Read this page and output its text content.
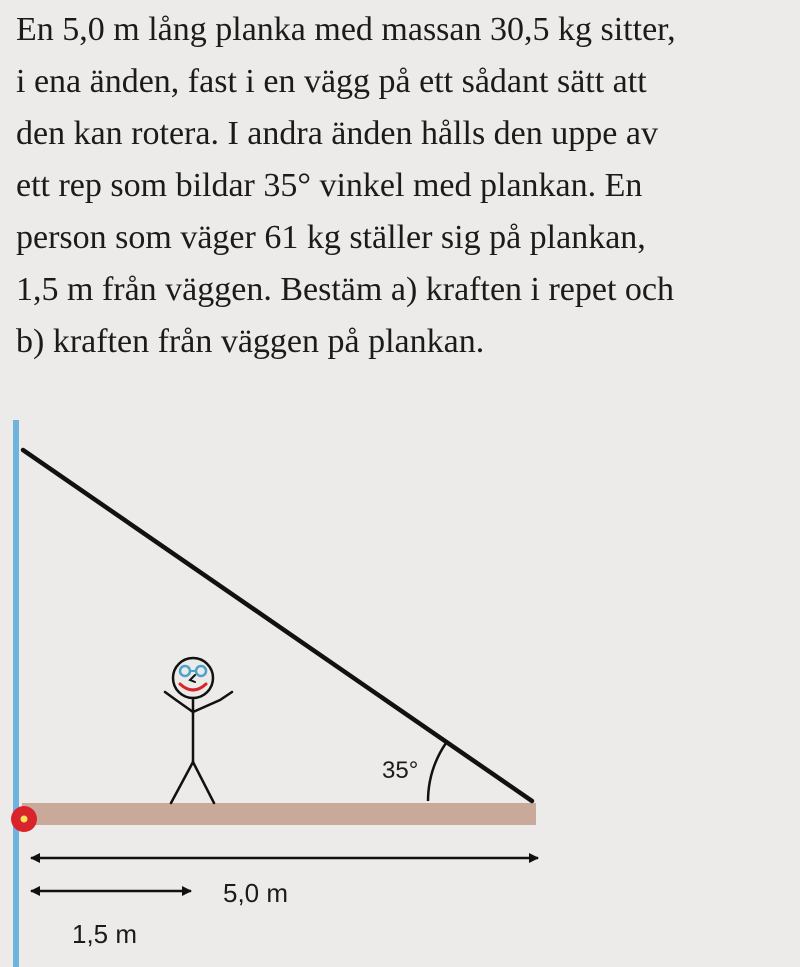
En 5,0 m lång planka med massan 30,5 kg sitter,
i ena änden, fast i en vägg på ett sådant sätt att
den kan rotera. I andra änden hålls den uppe av
ett rep som bildar 35° vinkel med plankan. En
person som väger 61 kg ställer sig på plankan,
1,5 m från väggen. Bestäm a) kraften i repet och
b) kraften från väggen på plankan.
35°
5,0 m
1,5 m
